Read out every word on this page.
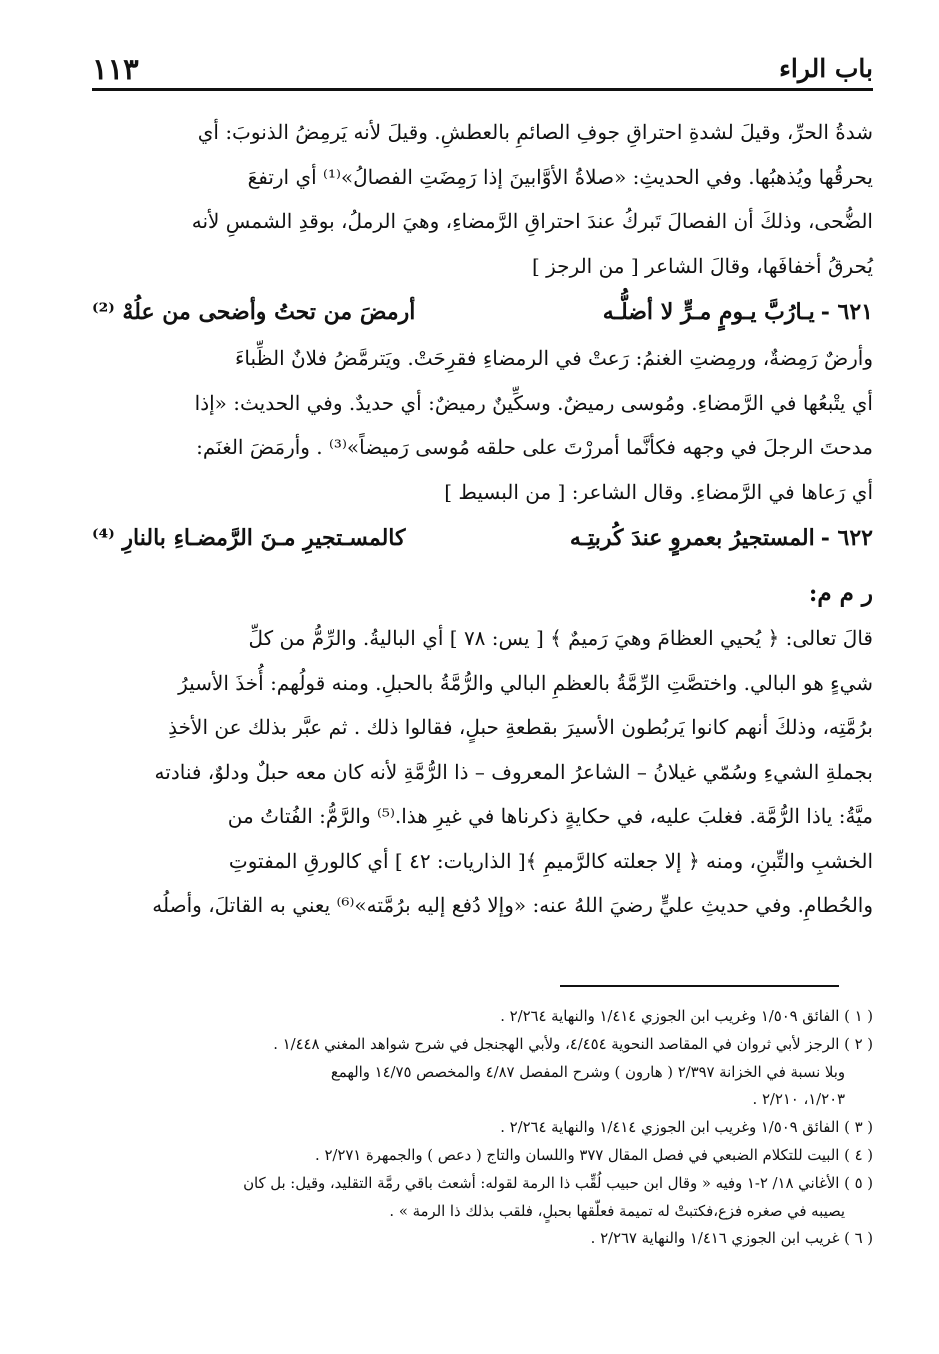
١١٣	باب الراء

شدةُ الحرِّ، وقيلَ لشدةِ احتراقِ جوفِ الصائمِ بالعطشِ. وقيلَ لأنه يَرمِضُ الذنوبَ: أي
يحرقُها ويُذهبُها. وفي الحديثِ: «صلاةُ الأوَّابينَ إذا رَمِضَتِ الفصالُ»⁽¹⁾ أي ارتفعَ
الضُّحى، وذلكَ أن الفصالَ تَبركُ عندَ احتراقِ الرَّمضاءِ، وهيَ الرملُ، بوقدِ الشمسِ لأنه
يُحرقُ أخفافَها، وقالَ الشاعر [ من الرجز ]

٦٢١ -
يـارُبَّ يـومٍ مـرٍّ لا أضلُّـه
أرمضَ من تحتُ وأضحى من علُهْ ⁽²⁾

وأرضٌ رَمِضةٌ، ورمِضتِ الغنمُ: رَعتْ في الرمضاءِ فقرِحَتْ. ويَترمَّضُ فلانٌ الظِّباءَ
أي يتْبعُها في الرَّمضاءِ. ومُوسى رميضٌ. وسكِّينٌ رميضٌ: أي حديدٌ. وفي الحديث: «إذا
مدحتَ الرجلَ في وجهه فكأنَّما أمررْتَ على حلقه مُوسى رَميضاً»⁽³⁾ . وأرمَضَ الغنَم:
أي رَعاها في الرَّمضاءِ. وقال الشاعر: [ من البسيط ]

٦٢٢ -
المستجيرُ بعمروٍ عندَ كُربتِـه
كالمسـتجيرِ مـنَ الرَّمضـاءِ بالنارِ ⁽⁴⁾
ر م م:

قالَ تعالى: ﴿ يُحيي العظامَ وهيَ رَميمٌ ﴾ [ يس: ٧٨ ] أي الباليةُ. والرِّمُّ من كلِّ
شيءٍ هو البالي. واختصَّتِ الرِّمَّةُ بالعظمِ البالي والرُّمَّةُ بالحبلِ. ومنه قولُهم: أُخذَ الأسيرُ
برُمَّتِه، وذلكَ أنهم كانوا يَربُطون الأسيرَ بقطعةِ حبلٍ، فقالوا ذلك . ثم عبَّر بذلك عن الأخذِ
بجملةِ الشيءِ وسُمّي غيلانُ – الشاعرُ المعروف – ذا الرُّمَّةِ لأنه كان معه حبلٌ ودلوٌ، فنادته
ميَّةُ: ياذا الرُّمَّة. فغلبَ عليه، في حكايةٍ ذكرناها في غيرِ هذا.⁽⁵⁾ والرَّمُّ: الفُتاتُ من
الخشبِ والتِّبنِ، ومنه ﴿ إلا جعلته كالرَّميمِ ﴾[ الذاريات: ٤٢ ] أي كالورقِ المفتوتِ
والحُطامِ. وفي حديثِ عليٍّ رضيَ اللهُ عنه: «وإلا دُفع إليه برُمَّته»⁽⁶⁾ يعني به القاتلَ، وأصلُه

( ١ ) الفائق ١/٥٠٩ وغريب ابن الجوزي ١/٤١٤ والنهاية ٢/٢٦٤ .

( ٢ ) الرجز لأبي ثروان في المقاصد النحوية ٤/٤٥٤، ولأبي الهجنجل في شرح شواهد المغني ١/٤٤٨ .

وبلا نسبة في الخزانة ٢/٣٩٧ ( هارون ) وشرح المفصل ٤/٨٧ والمخصص ١٤/٧٥ والهمع

١/٢٠٣، ٢/٢١٠ .

( ٣ ) الفائق ١/٥٠٩ وغريب ابن الجوزي ١/٤١٤ والنهاية ٢/٢٦٤ .

( ٤ ) البيت للتكلام الضبعي في فصل المقال ٣٧٧ واللسان والتاج ( دعص ) والجمهرة ٢/٢٧١ .

( ٥ ) الأغاني ١٨/ ٢-١ وفيه « وقال ابن حبيب لُقِّب ذا الرمة لقوله: أشعث باقي رمَّة التقليد، وقيل: بل كان

يصيبه في صغره فزع،فكتبتْ له تميمة فعلّقها بحبلٍ، فلقب بذلك ذا الرمة » .

( ٦ ) غريب ابن الجوزي ١/٤١٦ والنهاية ٢/٢٦٧ .
